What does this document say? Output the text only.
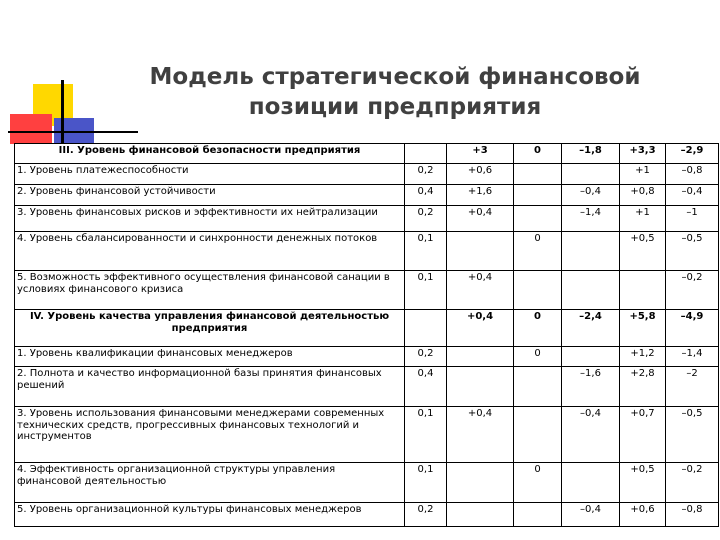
Модель стратегической финансовой
позиции предприятия
III. Уровень финансовой безопасности предприятия		+3	0	–1,8	+3,3	–2,9
1. Уровень платежеспособности	0,2	+0,6			+1	–0,8
2. Уровень финансовой устойчивости	0,4	+1,6		–0,4	+0,8	–0,4
3. Уровень финансовых рисков и эффективности их нейтрализации	0,2	+0,4		–1,4	+1	–1
4. Уровень сбалансированности и синхронности денежных потоков	0,1		0		+0,5	–0,5
5. Возможность эффективного осуществления финансовой санации в условиях финансового кризиса	0,1	+0,4				–0,2
IV. Уровень качества управления финансовой деятельностью предприятия		+0,4	0	–2,4	+5,8	–4,9
1. Уровень квалификации финансовых менеджеров	0,2		0		+1,2	–1,4
2. Полнота и качество информационной базы принятия финансовых решений	0,4			–1,6	+2,8	–2
3. Уровень использования финансовыми менеджерами современных технических средств, прогрессивных финансовых технологий и инструментов	0,1	+0,4		–0,4	+0,7	–0,5
4. Эффективность организационной структуры управления финансовой деятельностью	0,1		0		+0,5	–0,2
5. Уровень организационной культуры финансовых менеджеров	0,2			–0,4	+0,6	–0,8
